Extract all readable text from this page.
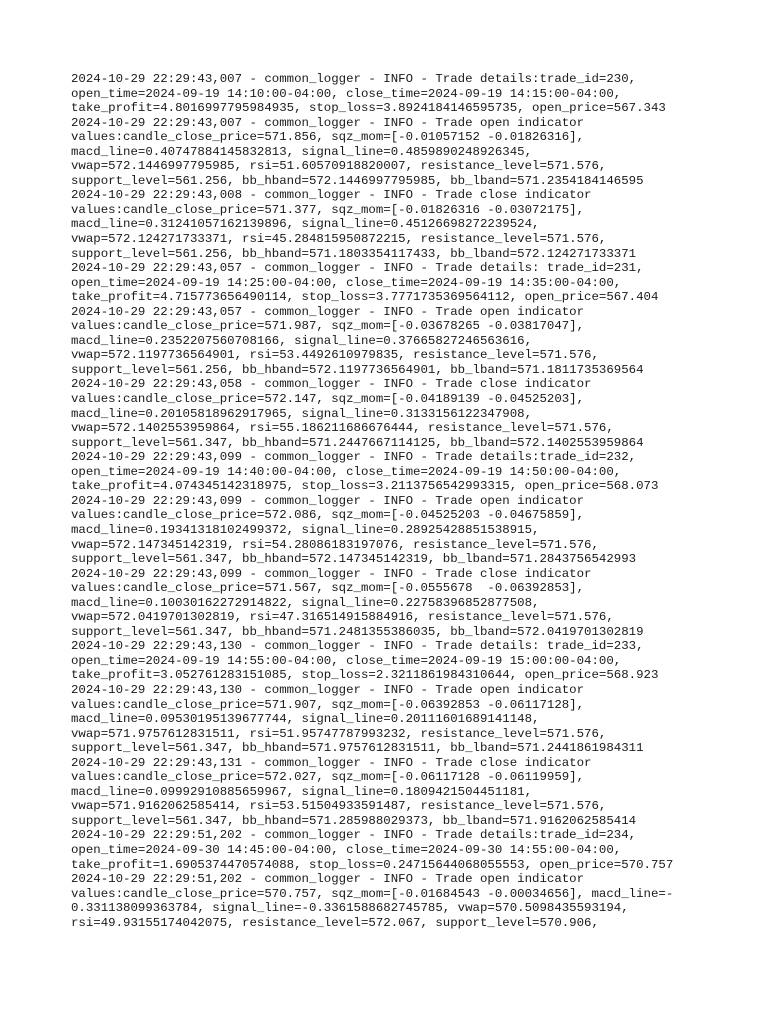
2024-10-29 22:29:43,007 - common_logger - INFO - Trade details:trade_id=230,
open_time=2024-09-19 14:10:00-04:00, close_time=2024-09-19 14:15:00-04:00,
take_profit=4.8016997795984935, stop_loss=3.8924184146595735, open_price=567.343
2024-10-29 22:29:43,007 - common_logger - INFO - Trade open indicator
values:candle_close_price=571.856, sqz_mom=[-0.01057152 -0.01826316],
macd_line=0.40747884145832813, signal_line=0.4859890248926345,
vwap=572.1446997795985, rsi=51.60570918820007, resistance_level=571.576,
support_level=561.256, bb_hband=572.1446997795985, bb_lband=571.2354184146595
2024-10-29 22:29:43,008 - common_logger - INFO - Trade close indicator
values:candle_close_price=571.377, sqz_mom=[-0.01826316 -0.03072175],
macd_line=0.31241057162139896, signal_line=0.45126698272239524,
vwap=572.124271733371, rsi=45.284815950872215, resistance_level=571.576,
support_level=561.256, bb_hband=571.1803354117433, bb_lband=572.124271733371
2024-10-29 22:29:43,057 - common_logger - INFO - Trade details: trade_id=231,
open_time=2024-09-19 14:25:00-04:00, close_time=2024-09-19 14:35:00-04:00,
take_profit=4.715773656490114, stop_loss=3.7771735369564112, open_price=567.404
2024-10-29 22:29:43,057 - common_logger - INFO - Trade open indicator
values:candle_close_price=571.987, sqz_mom=[-0.03678265 -0.03817047],
macd_line=0.2352207560708166, signal_line=0.37665827246563616,
vwap=572.1197736564901, rsi=53.4492610979835, resistance_level=571.576,
support_level=561.256, bb_hband=572.1197736564901, bb_lband=571.1811735369564
2024-10-29 22:29:43,058 - common_logger - INFO - Trade close indicator
values:candle_close_price=572.147, sqz_mom=[-0.04189139 -0.04525203],
macd_line=0.20105818962917965, signal_line=0.3133156122347908,
vwap=572.1402553959864, rsi=55.186211686676444, resistance_level=571.576,
support_level=561.347, bb_hband=571.2447667114125, bb_lband=572.1402553959864
2024-10-29 22:29:43,099 - common_logger - INFO - Trade details:trade_id=232,
open_time=2024-09-19 14:40:00-04:00, close_time=2024-09-19 14:50:00-04:00,
take_profit=4.074345142318975, stop_loss=3.2113756542993315, open_price=568.073
2024-10-29 22:29:43,099 - common_logger - INFO - Trade open indicator
values:candle_close_price=572.086, sqz_mom=[-0.04525203 -0.04675859],
macd_line=0.19341318102499372, signal_line=0.28925428851538915,
vwap=572.147345142319, rsi=54.28086183197076, resistance_level=571.576,
support_level=561.347, bb_hband=572.147345142319, bb_lband=571.2843756542993
2024-10-29 22:29:43,099 - common_logger - INFO - Trade close indicator
values:candle_close_price=571.567, sqz_mom=[-0.0555678  -0.06392853],
macd_line=0.10030162272914822, signal_line=0.22758396852877508,
vwap=572.0419701302819, rsi=47.316514915884916, resistance_level=571.576,
support_level=561.347, bb_hband=571.2481355386035, bb_lband=572.0419701302819
2024-10-29 22:29:43,130 - common_logger - INFO - Trade details: trade_id=233,
open_time=2024-09-19 14:55:00-04:00, close_time=2024-09-19 15:00:00-04:00,
take_profit=3.052761283151085, stop_loss=2.3211861984310644, open_price=568.923
2024-10-29 22:29:43,130 - common_logger - INFO - Trade open indicator
values:candle_close_price=571.907, sqz_mom=[-0.06392853 -0.06117128],
macd_line=0.09530195139677744, signal_line=0.20111601689141148,
vwap=571.9757612831511, rsi=51.95747787993232, resistance_level=571.576,
support_level=561.347, bb_hband=571.9757612831511, bb_lband=571.2441861984311
2024-10-29 22:29:43,131 - common_logger - INFO - Trade close indicator
values:candle_close_price=572.027, sqz_mom=[-0.06117128 -0.06119959],
macd_line=0.09992910885659967, signal_line=0.1809421504451181,
vwap=571.9162062585414, rsi=53.51504933591487, resistance_level=571.576,
support_level=561.347, bb_hband=571.285988029373, bb_lband=571.9162062585414
2024-10-29 22:29:51,202 - common_logger - INFO - Trade details:trade_id=234,
open_time=2024-09-30 14:45:00-04:00, close_time=2024-09-30 14:55:00-04:00,
take_profit=1.6905374470574088, stop_loss=0.24715644068055553, open_price=570.757
2024-10-29 22:29:51,202 - common_logger - INFO - Trade open indicator
values:candle_close_price=570.757, sqz_mom=[-0.01684543 -0.00034656], macd_line=-
0.331138099363784, signal_line=-0.3361588682745785, vwap=570.5098435593194,
rsi=49.93155174042075, resistance_level=572.067, support_level=570.906,
